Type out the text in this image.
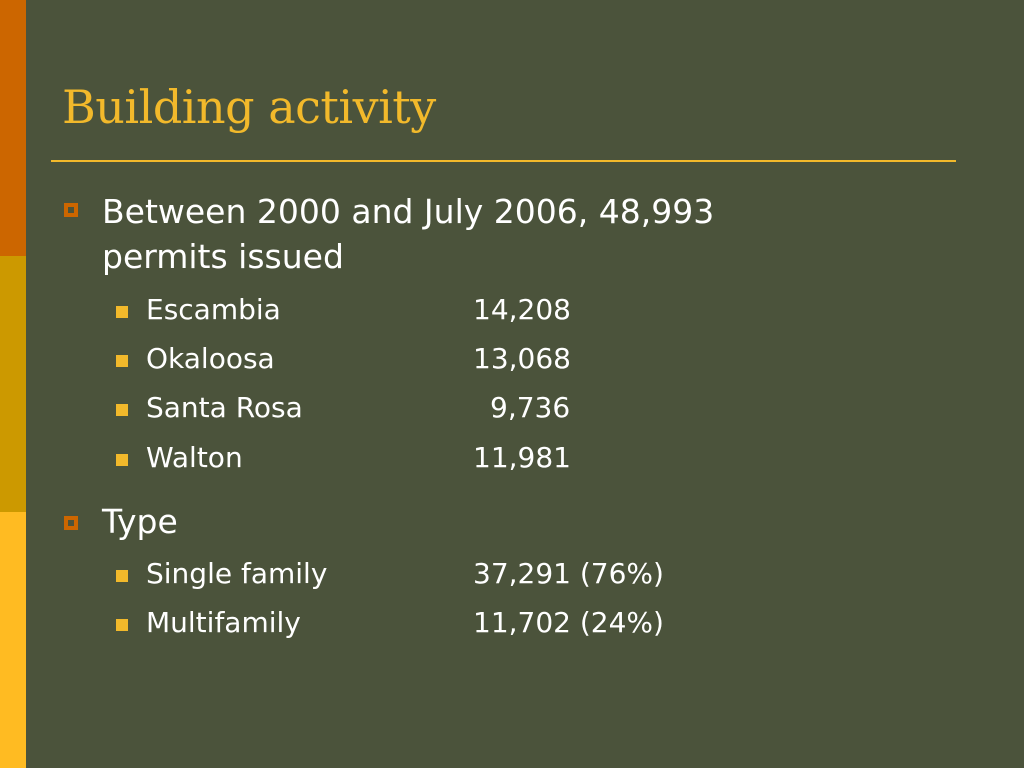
Building activity
Between 2000 and July 2006, 48,993
permits issued
Escambia	14,208
Okaloosa	13,068
Santa Rosa	9,736
Walton	11,981
Type
Single family	37,291 (76%)
Multifamily	11,702 (24%)
